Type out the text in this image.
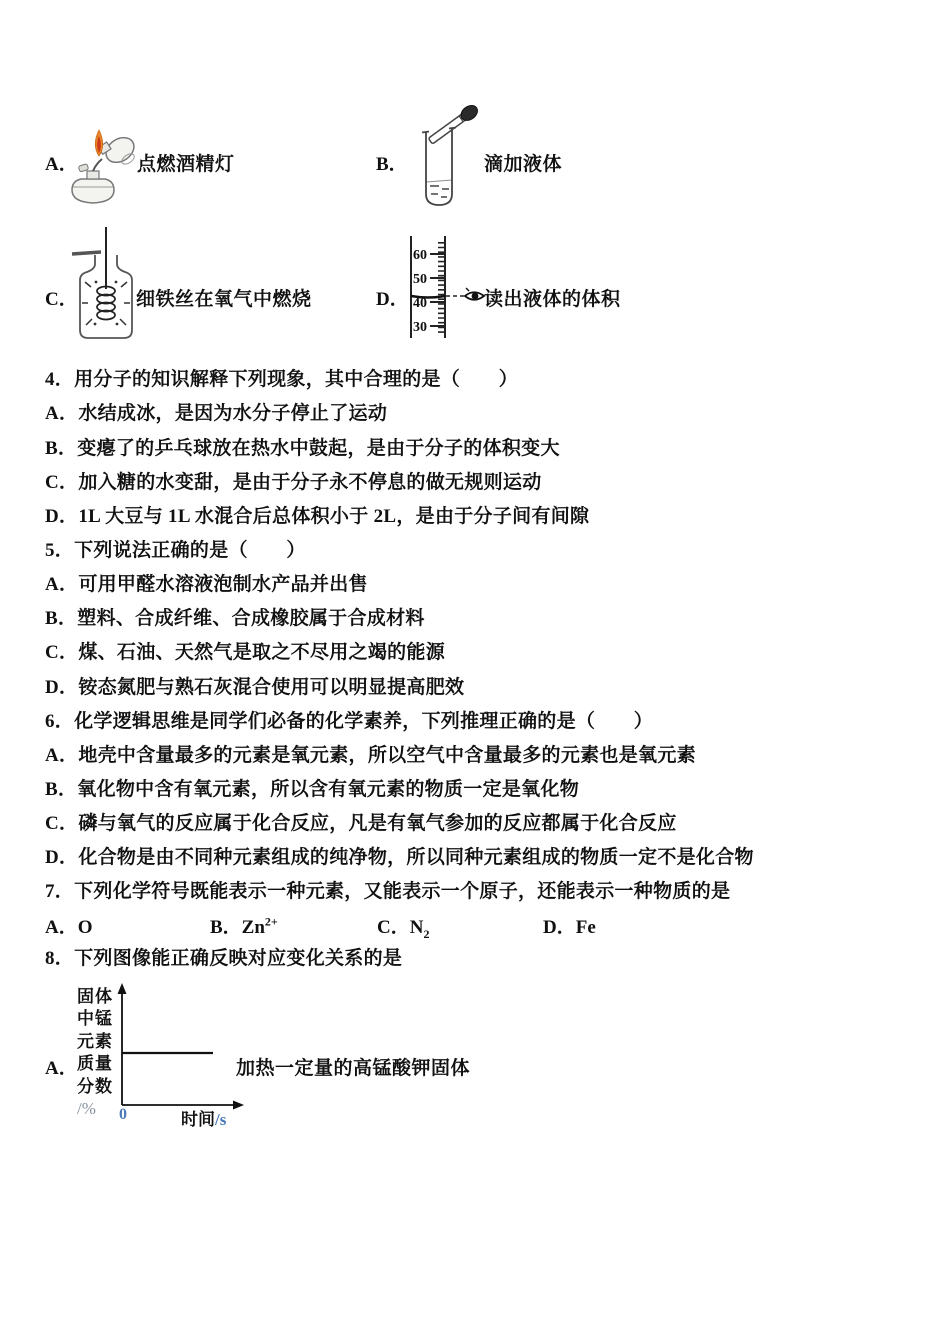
A．	点燃酒精灯	B．	滴加液体
C．	细铁丝在氧气中燃烧	D．
60
50
40
30
读出液体的体积
4．用分子的知识解释下列现象，其中合理的是（　　）
A．水结成冰，是因为水分子停止了运动
B．变瘪了的乒乓球放在热水中鼓起，是由于分子的体积变大
C．加入糖的水变甜，是由于分子永不停息的做无规则运动
D．1L 大豆与 1L 水混合后总体积小于 2L，是由于分子间有间隙
5．下列说法正确的是（　　）
A．可用甲醛水溶液泡制水产品并出售
B．塑料、合成纤维、合成橡胶属于合成材料
C．煤、石油、天然气是取之不尽用之竭的能源
D．铵态氮肥与熟石灰混合使用可以明显提高肥效
6．化学逻辑思维是同学们必备的化学素养，下列推理正确的是（　　）
A．地壳中含量最多的元素是氧元素，所以空气中含量最多的元素也是氧元素
B．氧化物中含有氧元素，所以含有氧元素的物质一定是氧化物
C．磷与氧气的反应属于化合反应，凡是有氧气参加的反应都属于化合反应
D．化合物是由不同种元素组成的纯净物，所以同种元素组成的物质一定不是化合物
7．下列化学符号既能表示一种元素，又能表示一个原子，还能表示一种物质的是
A．O	B．$Zn^{2+}$	C．$N_2$	D．Fe
8．下列图像能正确反映对应变化关系的是
固体
中锰
元素
质量
分数
/%
A．
0	时间/s
加热一定量的高锰酸钾固体
